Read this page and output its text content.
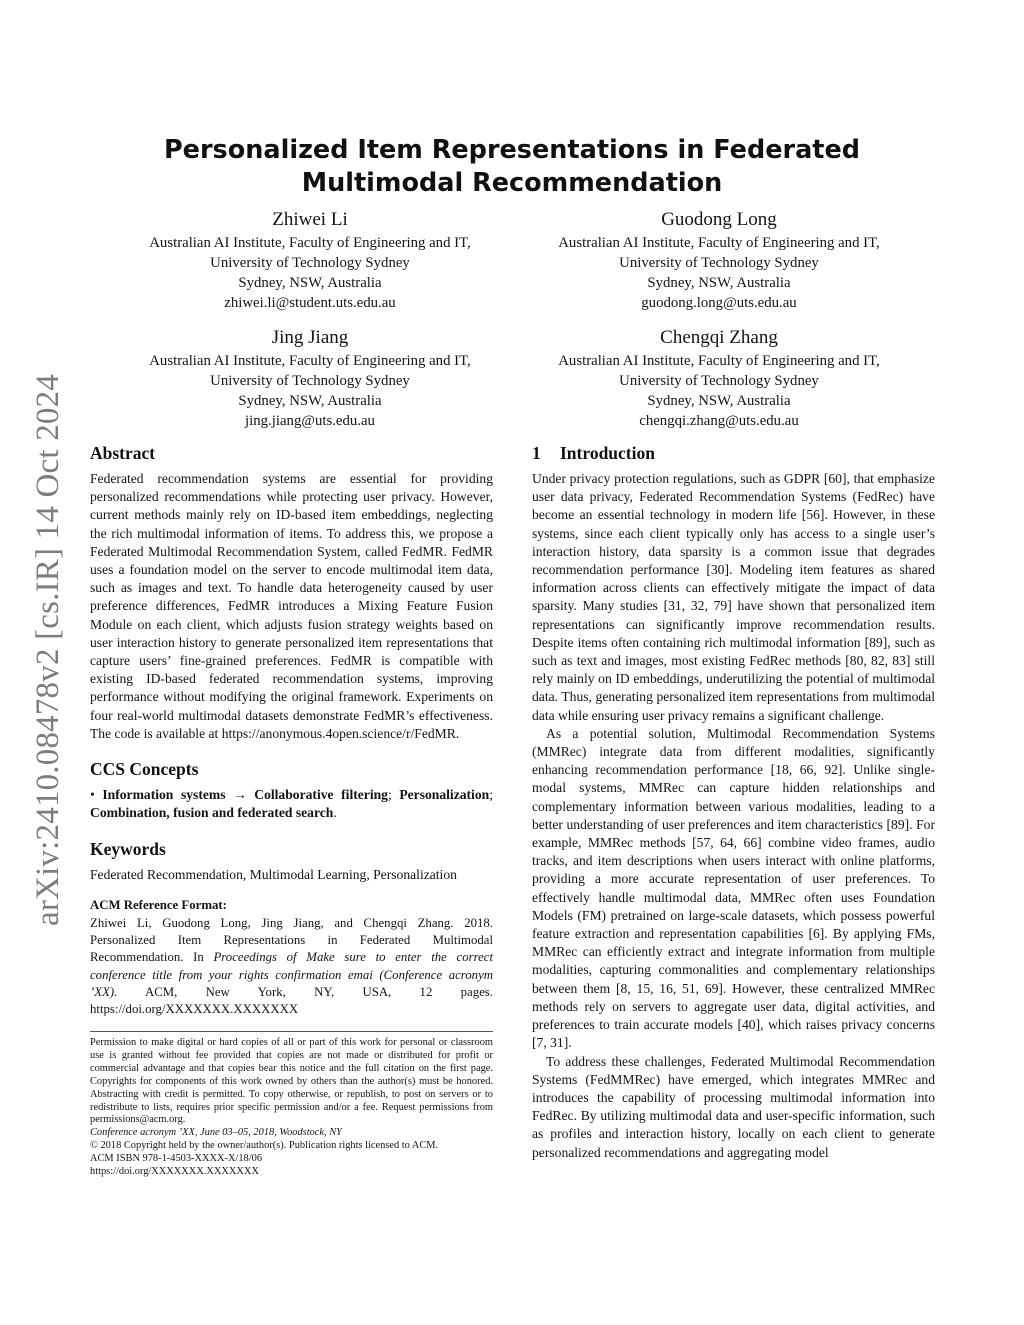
arXiv:2410.08478v2 [cs.IR] 14 Oct 2024
Personalized Item Representations in Federated Multimodal Recommendation
Zhiwei Li
Australian AI Institute, Faculty of Engineering and IT,
University of Technology Sydney
Sydney, NSW, Australia
zhiwei.li@student.uts.edu.au
Guodong Long
Australian AI Institute, Faculty of Engineering and IT,
University of Technology Sydney
Sydney, NSW, Australia
guodong.long@uts.edu.au
Jing Jiang
Australian AI Institute, Faculty of Engineering and IT,
University of Technology Sydney
Sydney, NSW, Australia
jing.jiang@uts.edu.au
Chengqi Zhang
Australian AI Institute, Faculty of Engineering and IT,
University of Technology Sydney
Sydney, NSW, Australia
chengqi.zhang@uts.edu.au
Abstract

Federated recommendation systems are essential for providing personalized recommendations while protecting user privacy. However, current methods mainly rely on ID-based item embeddings, neglecting the rich multimodal information of items. To address this, we propose a Federated Multimodal Recommendation System, called FedMR. FedMR uses a foundation model on the server to encode multimodal item data, such as images and text. To handle data heterogeneity caused by user preference differences, FedMR introduces a Mixing Feature Fusion Module on each client, which adjusts fusion strategy weights based on user interaction history to generate personalized item representations that capture users’ fine-grained preferences. FedMR is compatible with existing ID-based federated recommendation systems, improving performance without modifying the original framework. Experiments on four real-world multimodal datasets demonstrate FedMR’s effectiveness. The code is available at https://anonymous.4open.science/r/FedMR.

CCS Concepts

• Information systems → Collaborative filtering; Personalization; Combination, fusion and federated search.

Keywords

Federated Recommendation, Multimodal Learning, Personalization

ACM Reference Format:

Zhiwei Li, Guodong Long, Jing Jiang, and Chengqi Zhang. 2018. Personalized Item Representations in Federated Multimodal Recommendation. In Proceedings of Make sure to enter the correct conference title from your rights confirmation emai (Conference acronym ’XX). ACM, New York, NY, USA, 12 pages. https://doi.org/XXXXXXX.XXXXXXX

Permission to make digital or hard copies of all or part of this work for personal or classroom use is granted without fee provided that copies are not made or distributed for profit or commercial advantage and that copies bear this notice and the full citation on the first page. Copyrights for components of this work owned by others than the author(s) must be honored. Abstracting with credit is permitted. To copy otherwise, or republish, to post on servers or to redistribute to lists, requires prior specific permission and/or a fee. Request permissions from permissions@acm.org.
Conference acronym ’XX, June 03–05, 2018, Woodstock, NY
© 2018 Copyright held by the owner/author(s). Publication rights licensed to ACM.
ACM ISBN 978-1-4503-XXXX-X/18/06
https://doi.org/XXXXXXX.XXXXXXX
1 Introduction

Under privacy protection regulations, such as GDPR [60], that emphasize user data privacy, Federated Recommendation Systems (FedRec) have become an essential technology in modern life [56]. However, in these systems, since each client typically only has access to a single user’s interaction history, data sparsity is a common issue that degrades recommendation performance [30]. Modeling item features as shared information across clients can effectively mitigate the impact of data sparsity. Many studies [31, 32, 79] have shown that personalized item representations can significantly improve recommendation results. Despite items often containing rich multimodal information [89], such as such as text and images, most existing FedRec methods [80, 82, 83] still rely mainly on ID embeddings, underutilizing the potential of multimodal data. Thus, generating personalized item representations from multimodal data while ensuring user privacy remains a significant challenge.

As a potential solution, Multimodal Recommendation Systems (MMRec) integrate data from different modalities, significantly enhancing recommendation performance [18, 66, 92]. Unlike single-modal systems, MMRec can capture hidden relationships and complementary information between various modalities, leading to a better understanding of user preferences and item characteristics [89]. For example, MMRec methods [57, 64, 66] combine video frames, audio tracks, and item descriptions when users interact with online platforms, providing a more accurate representation of user preferences. To effectively handle multimodal data, MMRec often uses Foundation Models (FM) pretrained on large-scale datasets, which possess powerful feature extraction and representation capabilities [6]. By applying FMs, MMRec can efficiently extract and integrate information from multiple modalities, capturing commonalities and complementary relationships between them [8, 15, 16, 51, 69]. However, these centralized MMRec methods rely on servers to aggregate user data, digital activities, and preferences to train accurate models [40], which raises privacy concerns [7, 31].

To address these challenges, Federated Multimodal Recommendation Systems (FedMMRec) have emerged, which integrates MMRec and introduces the capability of processing multimodal information into FedRec. By utilizing multimodal data and user-specific information, such as profiles and interaction history, locally on each client to generate personalized recommendations and aggregating model
